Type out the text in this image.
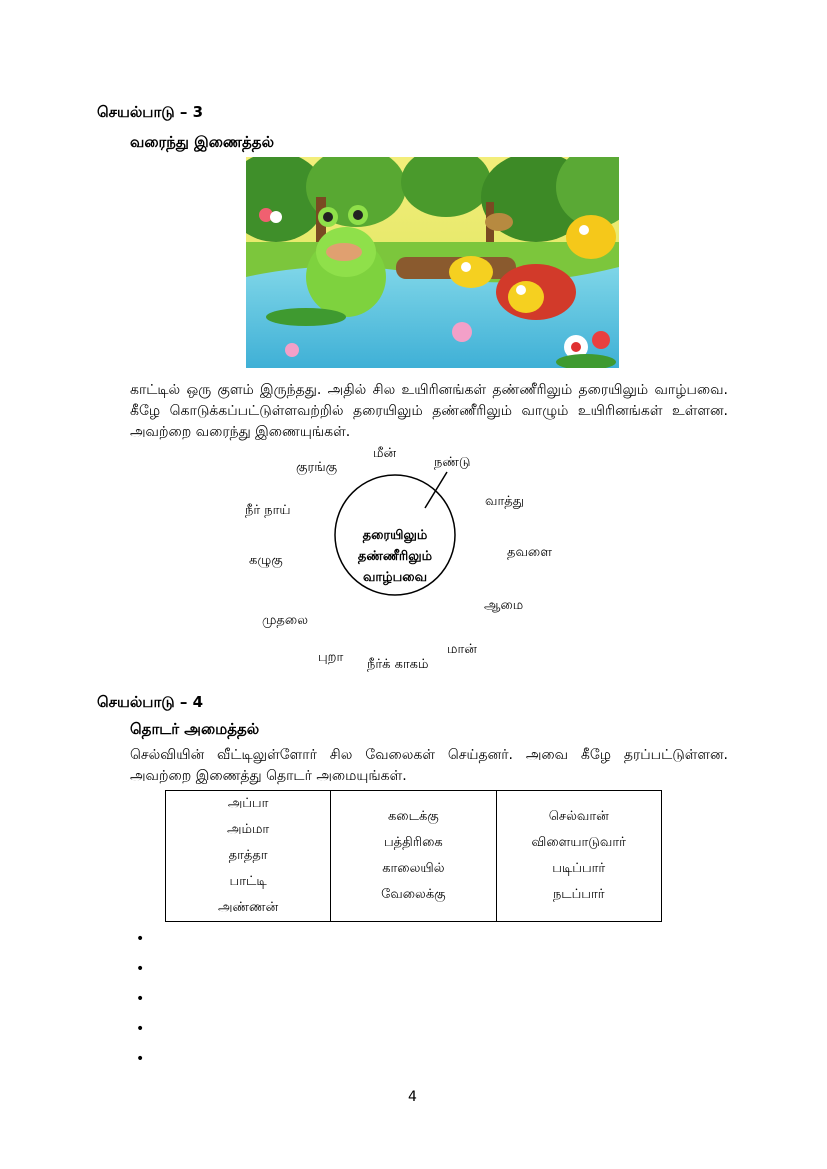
செயல்பாடு – 3
வரைந்து இணைத்தல்
காட்டில் ஒரு குளம் இருந்தது. அதில் சில உயிரினங்கள் தண்ணீரிலும் தரையிலும் வாழ்பவை. கீழே கொடுக்கப்பட்டுள்ளவற்றில் தரையிலும் தண்ணீரிலும் வாழும் உயிரினங்கள் உள்ளன. அவற்றை வரைந்து இணையுங்கள்.
தரையிலும்
தண்ணீரிலும்
வாழ்பவை
மீன்
நண்டு
குரங்கு
வாத்து
நீர் நாய்
தவளை
கழுகு
ஆமை
முதலை
மான்
புறா நீர்க் காகம்
செயல்பாடு – 4
தொடர் அமைத்தல்
செல்வியின் வீட்டிலுள்ளோர் சில வேலைகள் செய்தனர். அவை கீழே தரப்பட்டுள்ளன. அவற்றை இணைத்து தொடர் அமையுங்கள்.
அப்பா
அம்மா
தாத்தா
பாட்டி
அண்ணன்

கடைக்கு
பத்திரிகை
காலையில்
வேலைக்கு

செல்வான்
விளையாடுவார்
படிப்பார்
நடப்பார்
•
•
•
•
•
4
